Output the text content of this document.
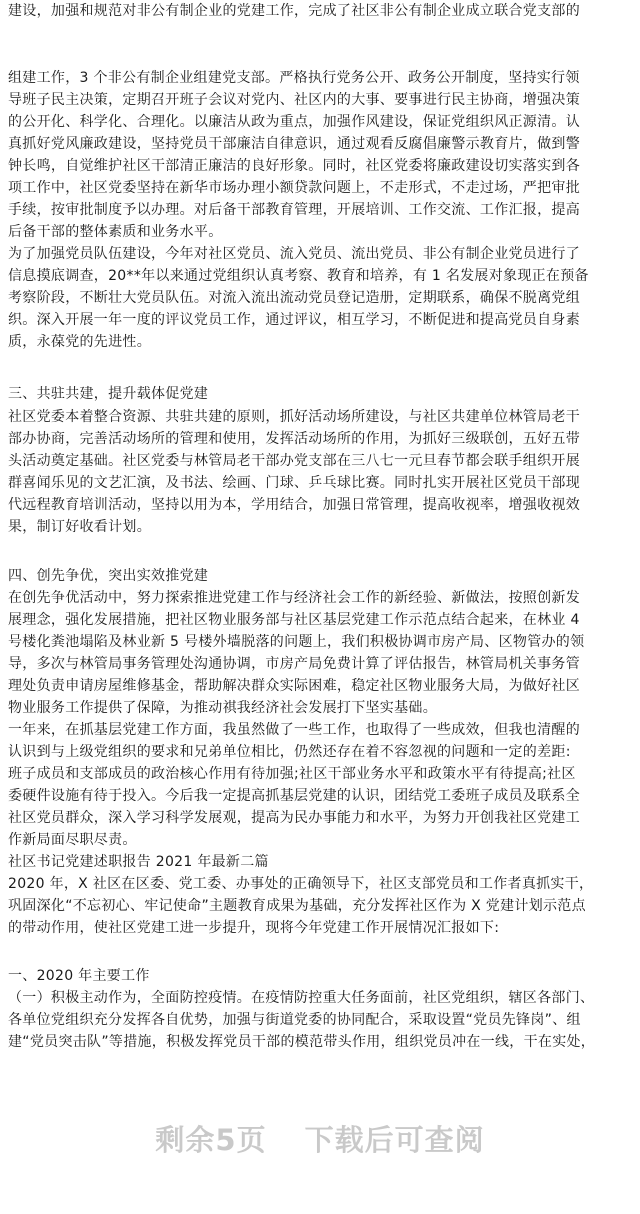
建设，加强和规范对非公有制企业的党建工作，完成了社区非公有制企业成立联合党支部的
组建工作，3 个非公有制企业组建党支部。严格执行党务公开、政务公开制度，坚持实行领
导班子民主决策，定期召开班子会议对党内、社区内的大事、要事进行民主协商，增强决策
的公开化、科学化、合理化。以廉洁从政为重点，加强作风建设，保证党组织风正源清。认
真抓好党风廉政建设，坚持党员干部廉洁自律意识，通过观看反腐倡廉警示教育片，做到警
钟长鸣，自觉维护社区干部清正廉洁的良好形象。同时，社区党委将廉政建设切实落实到各
项工作中，社区党委坚持在新华市场办理小额贷款问题上，不走形式，不走过场，严把审批
手续，按审批制度予以办理。对后备干部教育管理，开展培训、工作交流、工作汇报，提高
后备干部的整体素质和业务水平。
为了加强党员队伍建设，今年对社区党员、流入党员、流出党员、非公有制企业党员进行了
信息摸底调查，20**年以来通过党组织认真考察、教育和培养，有 1 名发展对象现正在预备
考察阶段，不断壮大党员队伍。对流入流出流动党员登记造册，定期联系，确保不脱离党组
织。深入开展一年一度的评议党员工作，通过评议，相互学习，不断促进和提高党员自身素
质，永葆党的先进性。
三、共驻共建，提升载体促党建
社区党委本着整合资源、共驻共建的原则，抓好活动场所建设，与社区共建单位林管局老干
部办协商，完善活动场所的管理和使用，发挥活动场所的作用，为抓好三级联创，五好五带
头活动奠定基础。社区党委与林管局老干部办党支部在三八七一元旦春节都会联手组织开展
群喜闻乐见的文艺汇演，及书法、绘画、门球、乒乓球比赛。同时扎实开展社区党员干部现
代远程教育培训活动，坚持以用为本，学用结合，加强日常管理，提高收视率，增强收视效
果，制订好收看计划。
四、创先争优，突出实效推党建
在创先争优活动中，努力探索推进党建工作与经济社会工作的新经验、新做法，按照创新发
展理念，强化发展措施，把社区物业服务部与社区基层党建工作示范点结合起来，在林业 4
号楼化粪池塌陷及林业新 5 号楼外墙脱落的问题上，我们积极协调市房产局、区物管办的领
导，多次与林管局事务管理处沟通协调，市房产局免费计算了评估报告，林管局机关事务管
理处负责申请房屋维修基金，帮助解决群众实际困难，稳定社区物业服务大局，为做好社区
物业服务工作提供了保障，为推动祺我经济社会发展打下坚实基础。
一年来，在抓基层党建工作方面，我虽然做了一些工作，也取得了一些成效，但我也清醒的
认识到与上级党组织的要求和兄弟单位相比，仍然还存在着不容忽视的问题和一定的差距:
班子成员和支部成员的政治核心作用有待加强;社区干部业务水平和政策水平有待提高;社区
委硬件设施有待于投入。今后我一定提高抓基层党建的认识，团结党工委班子成员及联系全
社区党员群众，深入学习科学发展观，提高为民办事能力和水平，为努力开创我社区党建工
作新局面尽职尽责。
社区书记党建述职报告 2021 年最新二篇
2020 年，X 社区在区委、党工委、办事处的正确领导下，社区支部党员和工作者真抓实干，
巩固深化“不忘初心、牢记使命”主题教育成果为基础，充分发挥社区作为 X 党建计划示范点
的带动作用，使社区党建工进一步提升，现将今年党建工作开展情况汇报如下:
一、2020 年主要工作
（一）积极主动作为，全面防控疫情。在疫情防控重大任务面前，社区党组织，辖区各部门、
各单位党组织充分发挥各自优势，加强与街道党委的协同配合，采取设置“党员先锋岗”、组
建“党员突击队”等措施，积极发挥党员干部的模范带头作用，组织党员冲在一线，干在实处，
剩余5页 下载后可查阅
